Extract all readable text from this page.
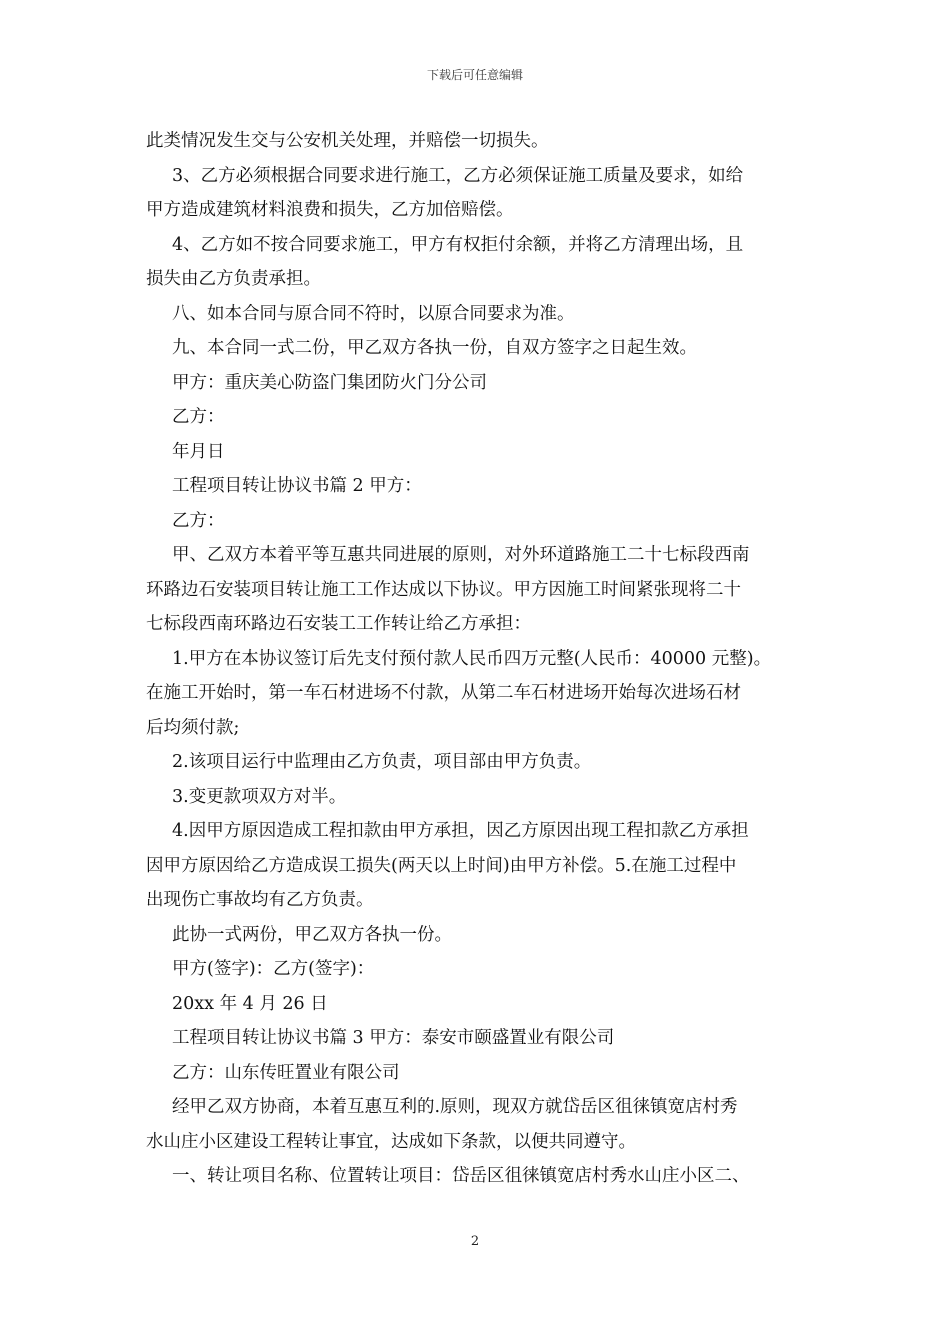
下载后可任意编辑
此类情况发生交与公安机关处理，并赔偿一切损失。
3、乙方必须根据合同要求进行施工，乙方必须保证施工质量及要求，如给
甲方造成建筑材料浪费和损失，乙方加倍赔偿。
4、乙方如不按合同要求施工，甲方有权拒付余额，并将乙方清理出场，且
损失由乙方负责承担。
八、如本合同与原合同不符时，以原合同要求为准。
九、本合同一式二份，甲乙双方各执一份，自双方签字之日起生效。
甲方：重庆美心防盗门集团防火门分公司
乙方：
年月日
工程项目转让协议书篇 2 甲方：
乙方：
甲、乙双方本着平等互惠共同进展的原则，对外环道路施工二十七标段西南
环路边石安装项目转让施工工作达成以下协议。甲方因施工时间紧张现将二十
七标段西南环路边石安装工工作转让给乙方承担：
1.甲方在本协议签订后先支付预付款人民币四万元整(人民币：40000 元整)。
在施工开始时，第一车石材进场不付款，从第二车石材进场开始每次进场石材
后均须付款;
2.该项目运行中监理由乙方负责，项目部由甲方负责。
3.变更款项双方对半。
4.因甲方原因造成工程扣款由甲方承担，因乙方原因出现工程扣款乙方承担
因甲方原因给乙方造成误工损失(两天以上时间)由甲方补偿。5.在施工过程中
出现伤亡事故均有乙方负责。
此协一式两份，甲乙双方各执一份。
甲方(签字)：乙方(签字)：
20xx 年 4 月 26 日
工程项目转让协议书篇 3 甲方：泰安市颐盛置业有限公司
乙方：山东传旺置业有限公司
经甲乙双方协商，本着互惠互利的.原则，现双方就岱岳区徂徕镇宽店村秀
水山庄小区建设工程转让事宜，达成如下条款，以便共同遵守。
一、转让项目名称、位置转让项目：岱岳区徂徕镇宽店村秀水山庄小区二、
2
